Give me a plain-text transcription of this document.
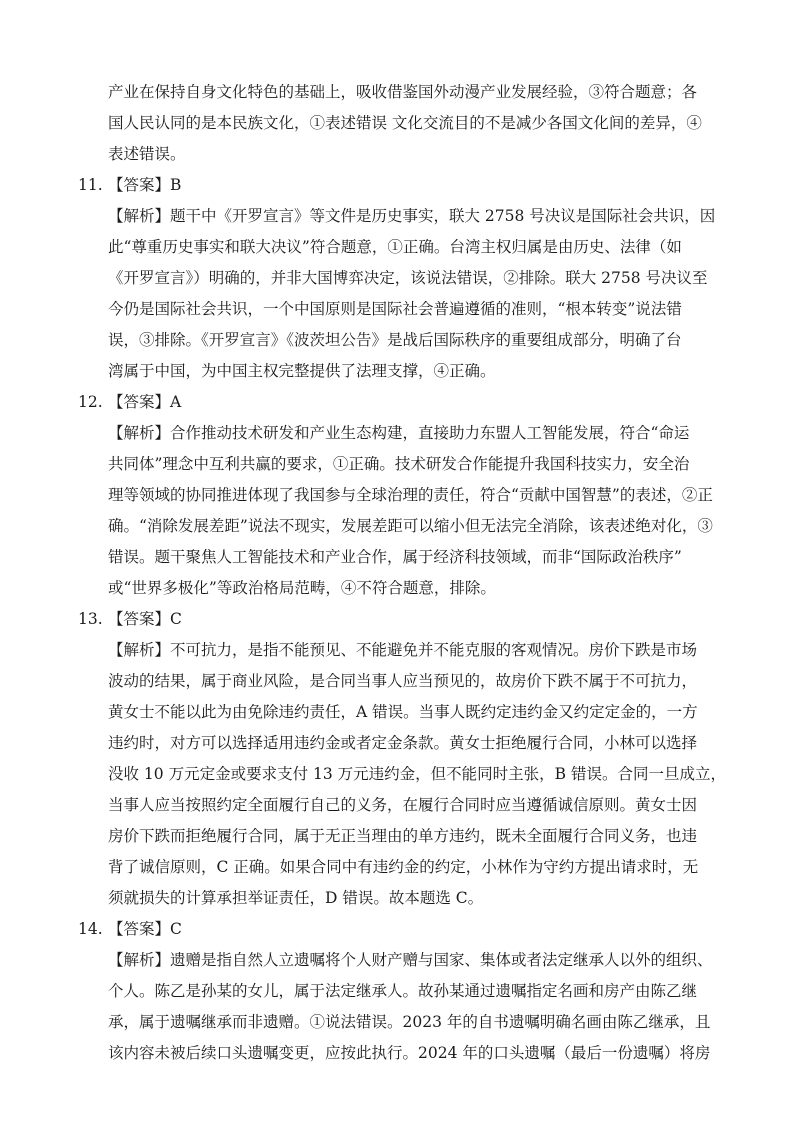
产业在保持自身文化特色的基础上，吸收借鉴国外动漫产业发展经验，③符合题意；各
国人民认同的是本民族文化，①表述错误 文化交流目的不是减少各国文化间的差异，④
表述错误。
11. 【答案】B
【解析】题干中《开罗宣言》等文件是历史事实，联大 2758 号决议是国际社会共识，因
此“尊重历史事实和联大决议”符合题意，①正确。台湾主权归属是由历史、法律（如
《开罗宣言》）明确的，并非大国博弈决定，该说法错误，②排除。联大 2758 号决议至
今仍是国际社会共识，一个中国原则是国际社会普遍遵循的准则，“根本转变”说法错
误，③排除。《开罗宣言》《波茨坦公告》是战后国际秩序的重要组成部分，明确了台
湾属于中国，为中国主权完整提供了法理支撑，④正确。
12. 【答案】A
【解析】合作推动技术研发和产业生态构建，直接助力东盟人工智能发展，符合“命运
共同体”理念中互利共赢的要求，①正确。技术研发合作能提升我国科技实力，安全治
理等领域的协同推进体现了我国参与全球治理的责任，符合“贡献中国智慧”的表述，②正
确。“消除发展差距”说法不现实，发展差距可以缩小但无法完全消除，该表述绝对化，③
错误。题干聚焦人工智能技术和产业合作，属于经济科技领域，而非“国际政治秩序”
或“世界多极化”等政治格局范畴，④不符合题意，排除。
13. 【答案】C
【解析】不可抗力，是指不能预见、不能避免并不能克服的客观情况。房价下跌是市场
波动的结果，属于商业风险，是合同当事人应当预见的，故房价下跌不属于不可抗力，
黄女士不能以此为由免除违约责任，A 错误。当事人既约定违约金又约定定金的，一方
违约时，对方可以选择适用违约金或者定金条款。黄女士拒绝履行合同，小林可以选择
没收 10 万元定金或要求支付 13 万元违约金，但不能同时主张，B 错误。合同一旦成立，
当事人应当按照约定全面履行自己的义务，在履行合同时应当遵循诚信原则。黄女士因
房价下跌而拒绝履行合同，属于无正当理由的单方违约，既未全面履行合同义务，也违
背了诚信原则，C 正确。如果合同中有违约金的约定，小林作为守约方提出请求时，无
须就损失的计算承担举证责任，D 错误。故本题选 C。
14. 【答案】C
【解析】遗赠是指自然人立遗嘱将个人财产赠与国家、集体或者法定继承人以外的组织、
个人。陈乙是孙某的女儿，属于法定继承人。故孙某通过遗嘱指定名画和房产由陈乙继
承，属于遗嘱继承而非遗赠。①说法错误。2023 年的自书遗嘱明确名画由陈乙继承，且
该内容未被后续口头遗嘱变更，应按此执行。2024 年的口头遗嘱（最后一份遗嘱）将房
